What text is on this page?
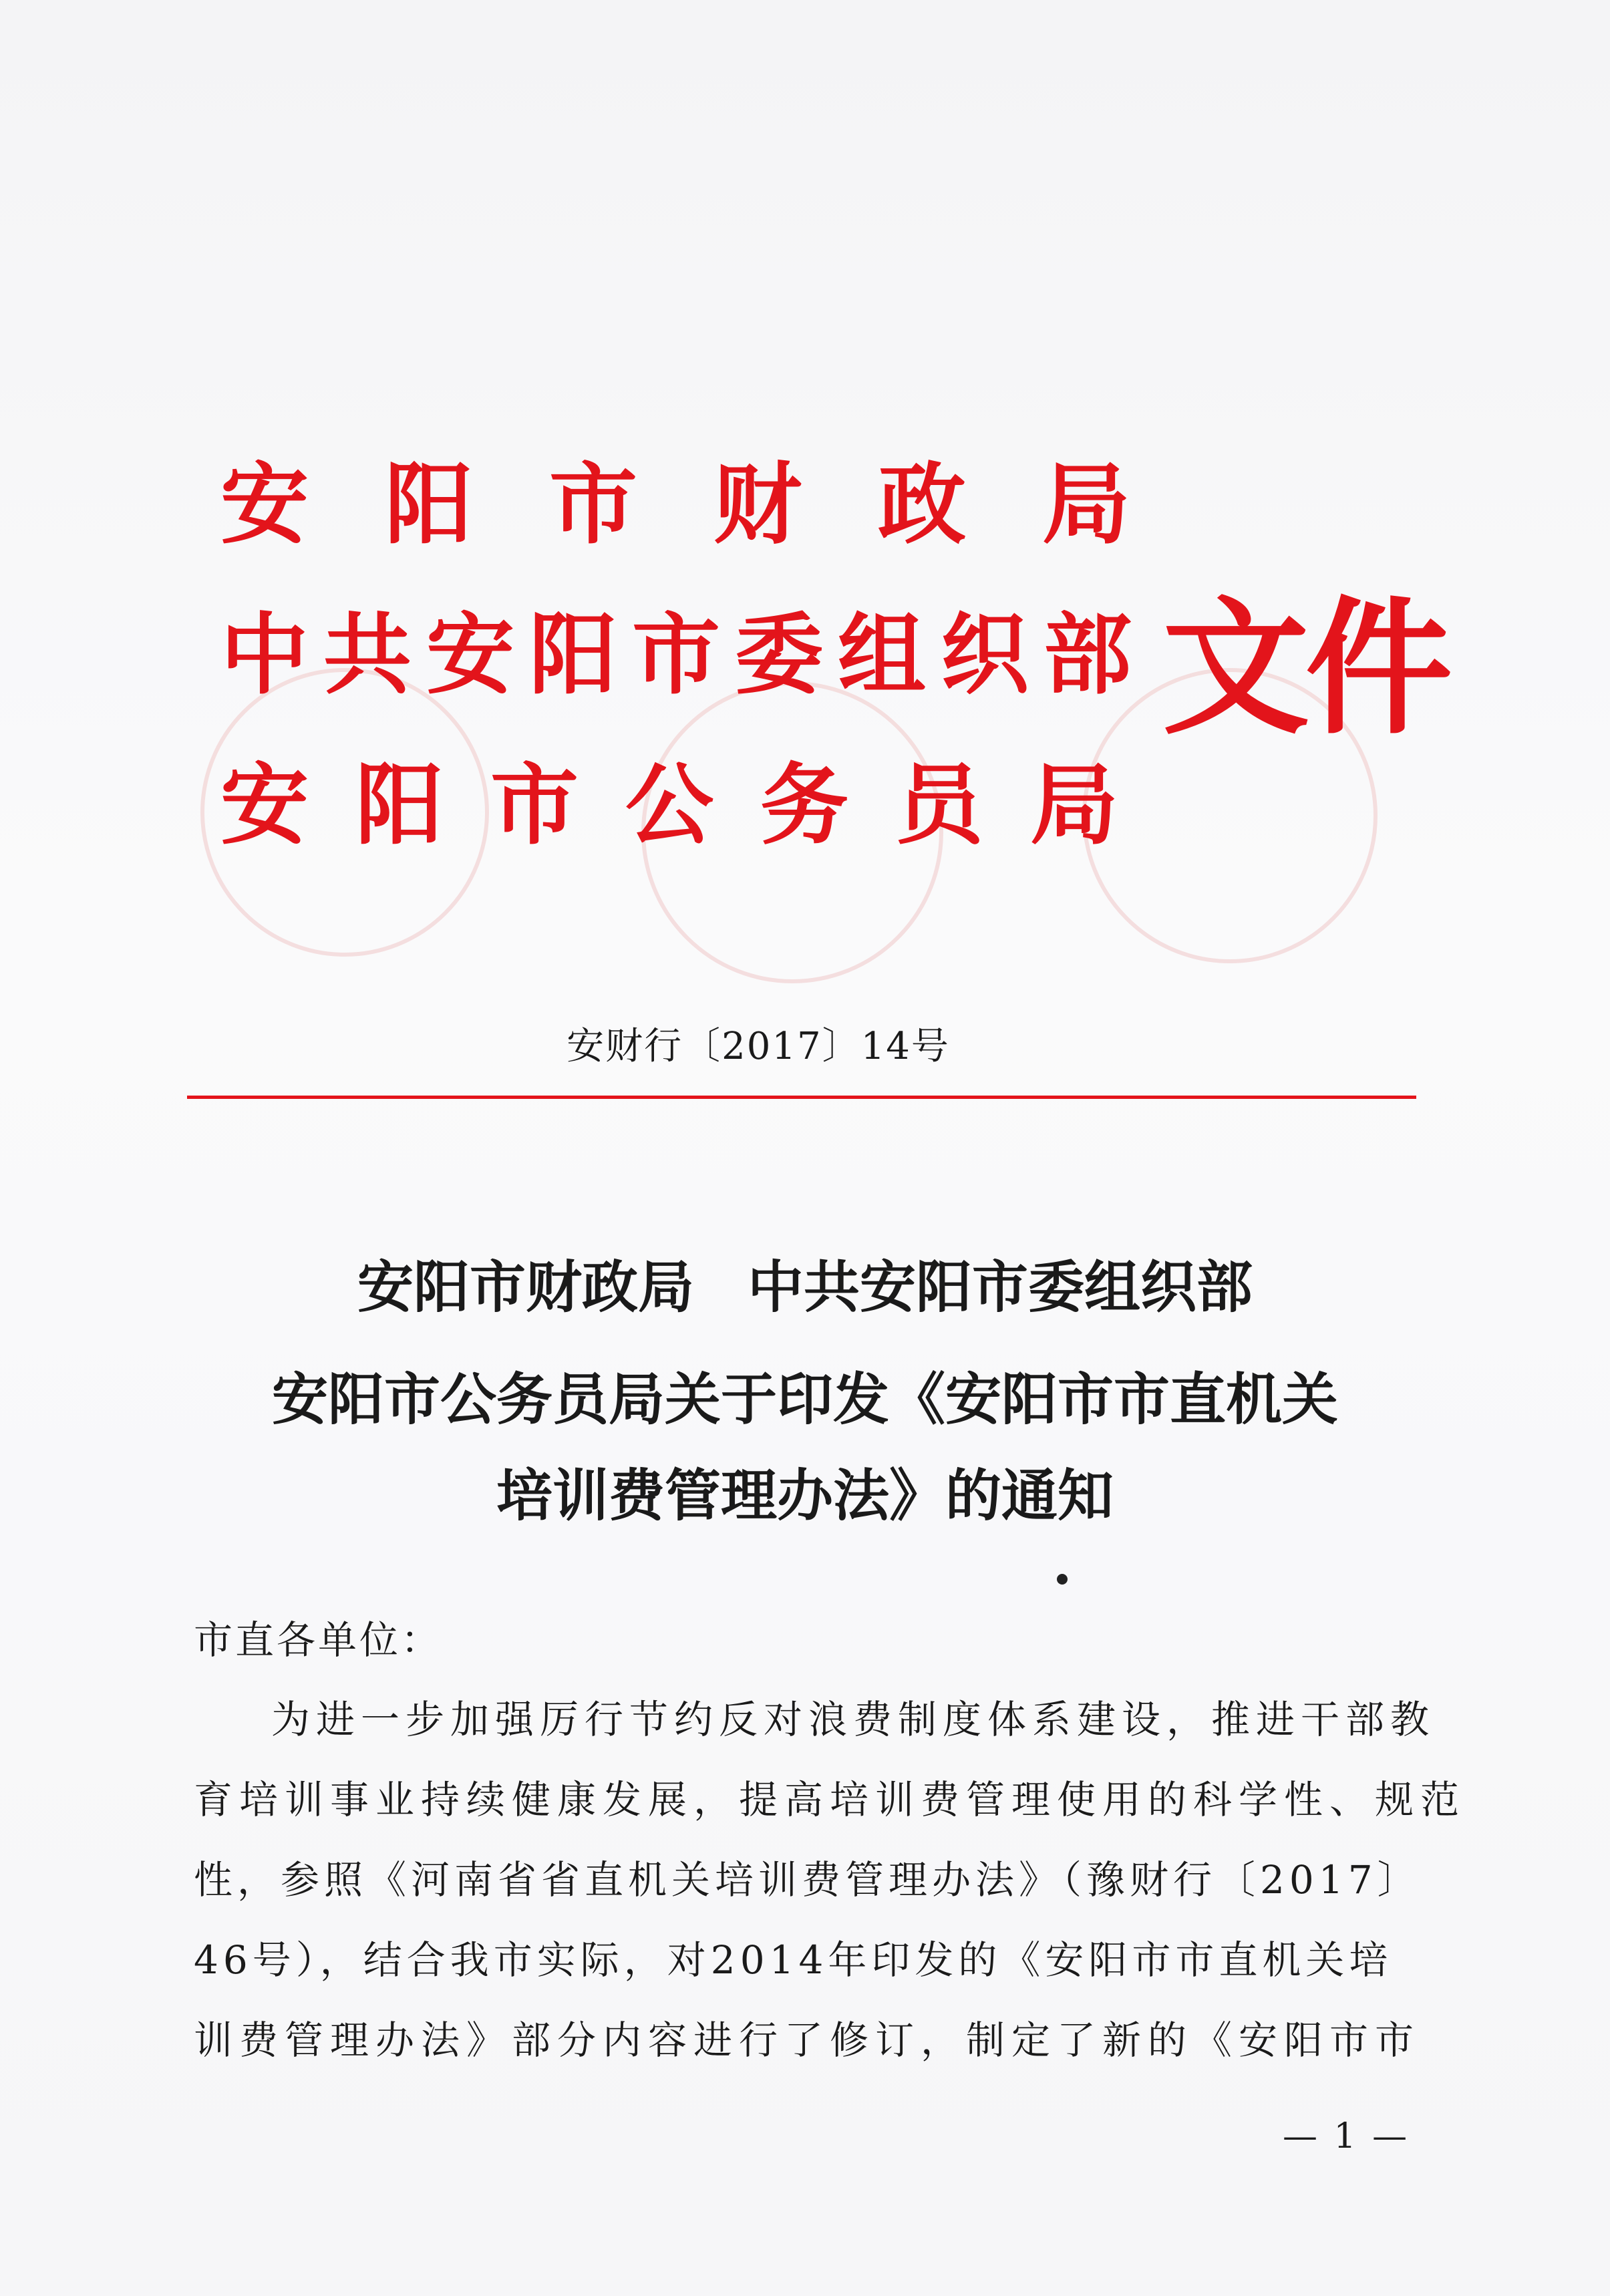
安阳市财政局
中共安阳市委组织部
安阳市公务员局
文件
安财行〔2017〕14号
安阳市财政局 中共安阳市委组织部
安阳市公务员局关于印发《安阳市市直机关
培训费管理办法》的通知
市直各单位：
为进一步加强厉行节约反对浪费制度体系建设，推进干部教
育培训事业持续健康发展，提高培训费管理使用的科学性、规范
性，参照《河南省省直机关培训费管理办法》（豫财行〔2017〕
46号），结合我市实际，对2014年印发的《安阳市市直机关培
训费管理办法》部分内容进行了修订，制定了新的《安阳市市
— 1 —
